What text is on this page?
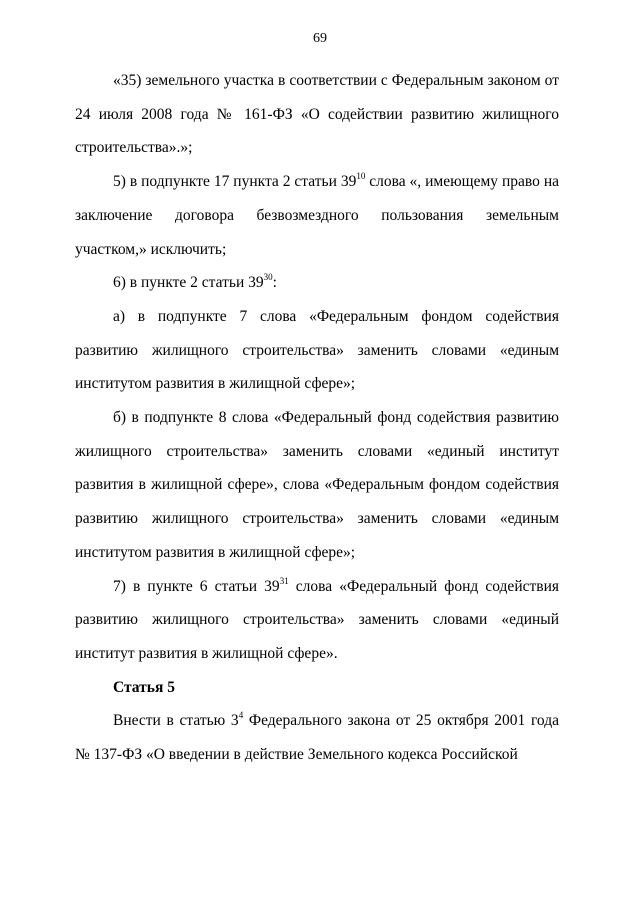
69

«35) земельного участка в соответствии с Федеральным законом от 24 июля 2008 года № 161-ФЗ «О содействии развитию жилищного строительства».»;

5) в подпункте 17 пункта 2 статьи $39^{10}$ слова «, имеющему право на заключение договора безвозмездного пользования земельным участком,» исключить;

6) в пункте 2 статьи $39^{30}$:

а) в подпункте 7 слова «Федеральным фондом содействия развитию жилищного строительства» заменить словами «единым институтом развития в жилищной сфере»;

б) в подпункте 8 слова «Федеральный фонд содействия развитию жилищного строительства» заменить словами «единый институт развития в жилищной сфере», слова «Федеральным фондом содействия развитию жилищного строительства» заменить словами «единым институтом развития в жилищной сфере»;

7) в пункте 6 статьи $39^{31}$ слова «Федеральный фонд содействия развитию жилищного строительства» заменить словами «единый институт развития в жилищной сфере».

Статья 5

Внести в статью $3^4$ Федерального закона от 25 октября 2001 года № 137-ФЗ «О введении в действие Земельного кодекса Российской
